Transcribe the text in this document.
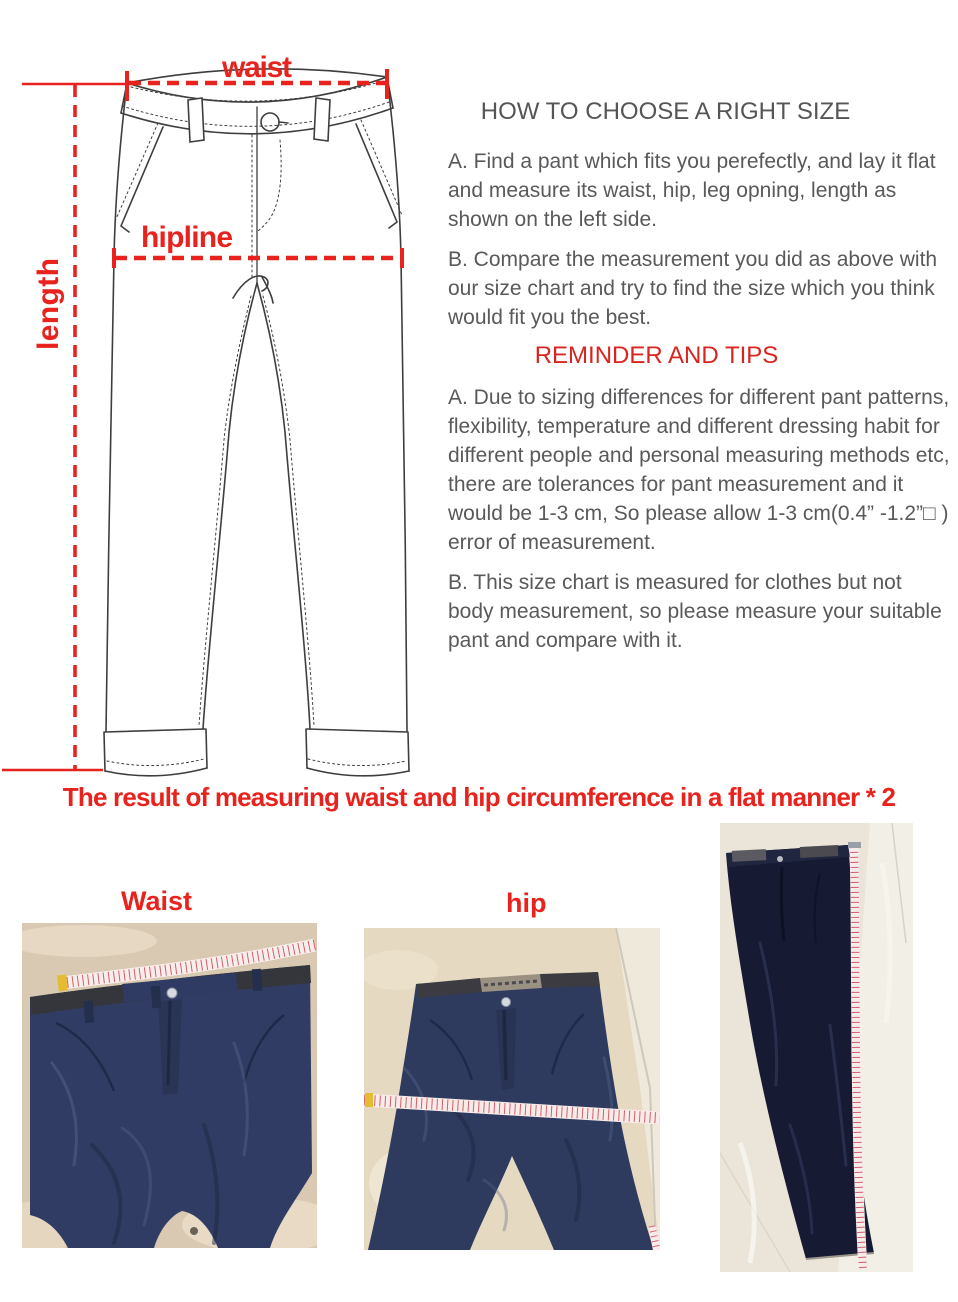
waist
hipline
length
HOW TO CHOOSE A RIGHT SIZE

A. Find a pant which fits you perefectly, and lay it flat and measure its waist, hip, leg opning, length as shown on the left side.

B. Compare the measurement you did as above with our size chart and try to find the size which you think would fit you the best.

REMINDER AND TIPS

A. Due to sizing differences for different pant patterns, flexibility, temperature and different dressing habit for different people and personal measuring methods etc, there are tolerances for pant measurement and it would be 1-3 cm, So please allow 1-3 cm(0.4” -1.2”□ ) error of measurement.

B. This size chart is measured for clothes but not body measurement, so please measure your suitable pant and compare with it.

The result of measuring waist and hip circumference in a flat manner * 2
Waist	hip
